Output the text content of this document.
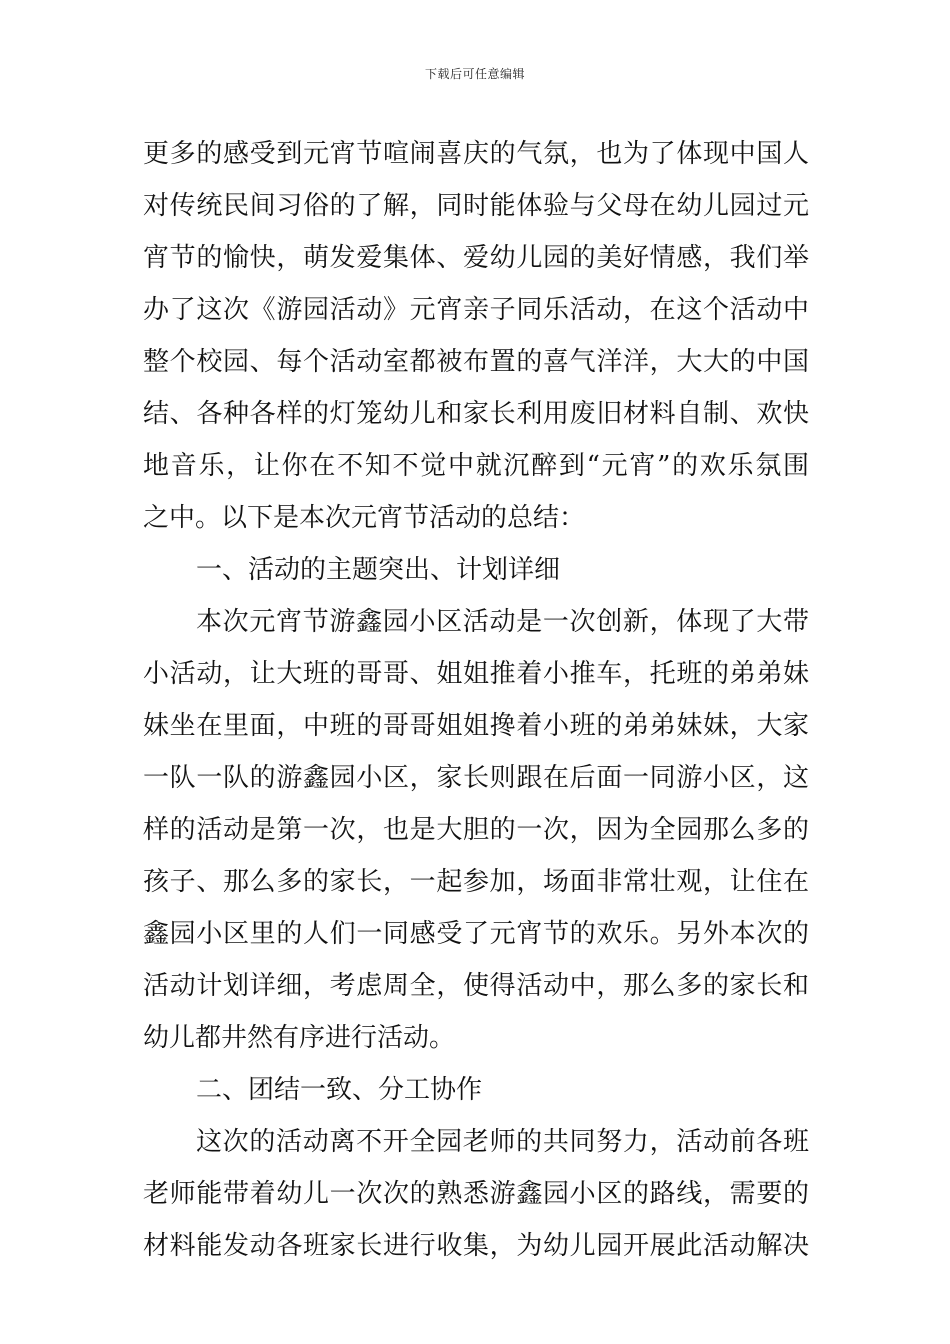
下载后可任意编辑
更多的感受到元宵节喧闹喜庆的气氛，也为了体现中国人
对传统民间习俗的了解，同时能体验与父母在幼儿园过元
宵节的愉快，萌发爱集体、爱幼儿园的美好情感，我们举
办了这次《游园活动》元宵亲子同乐活动，在这个活动中
整个校园、每个活动室都被布置的喜气洋洋，大大的中国
结、各种各样的灯笼幼儿和家长利用废旧材料自制、欢快
地音乐，让你在不知不觉中就沉醉到“元宵”的欢乐氛围
之中。以下是本次元宵节活动的总结：
一、活动的主题突出、计划详细
本次元宵节游鑫园小区活动是一次创新，体现了大带
小活动，让大班的哥哥、姐姐推着小推车，托班的弟弟妹
妹坐在里面，中班的哥哥姐姐搀着小班的弟弟妹妹，大家
一队一队的游鑫园小区，家长则跟在后面一同游小区，这
样的活动是第一次，也是大胆的一次，因为全园那么多的
孩子、那么多的家长，一起参加，场面非常壮观，让住在
鑫园小区里的人们一同感受了元宵节的欢乐。另外本次的
活动计划详细，考虑周全，使得活动中，那么多的家长和
幼儿都井然有序进行活动。
二、团结一致、分工协作
这次的活动离不开全园老师的共同努力，活动前各班
老师能带着幼儿一次次的熟悉游鑫园小区的路线，需要的
材料能发动各班家长进行收集，为幼儿园开展此活动解决
